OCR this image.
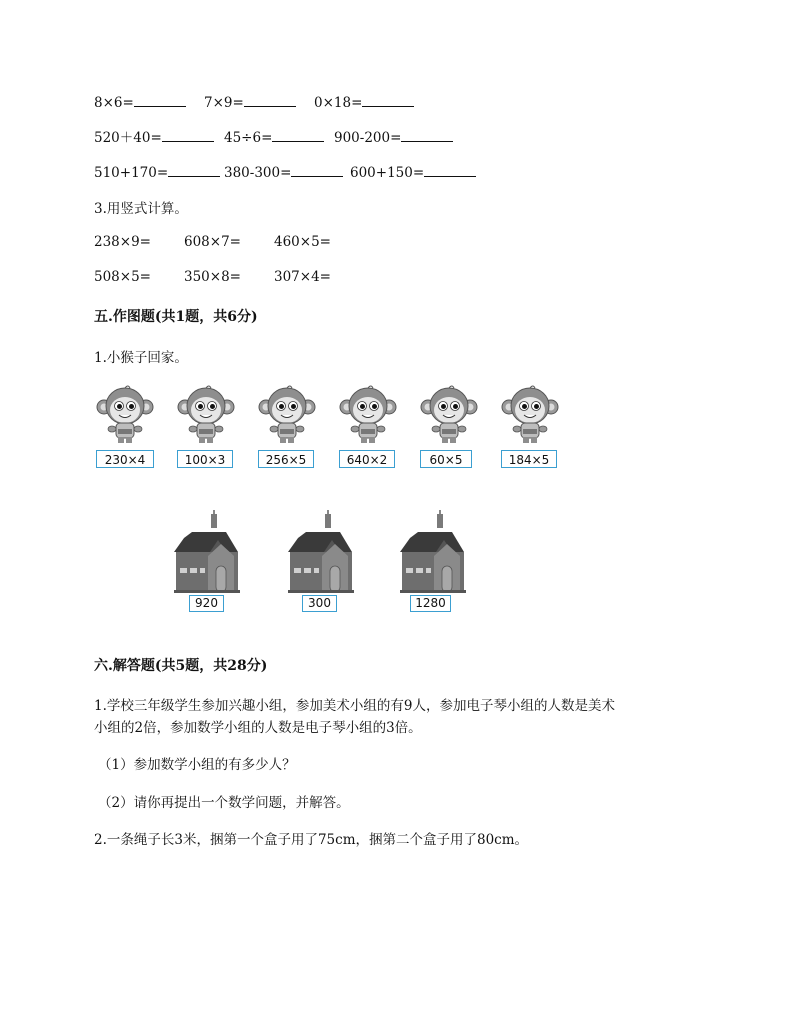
8×6=	7×9=	0×18=
520＋40=	45÷6=	900-200=
510+170=	380-300=	600+150=
3.用竖式计算。
238×9= 608×7= 460×5=
508×5= 350×8= 307×4=
五.作图题(共1题，共6分)
1.小猴子回家。
230×4	100×3	256×5	640×2	60×5	184×5
920	300	1280
六.解答题(共5题，共28分)
1.学校三年级学生参加兴趣小组，参加美术小组的有9人，参加电子琴小组的人数是美术
小组的2倍，参加数学小组的人数是电子琴小组的3倍。
（1）参加数学小组的有多少人？
（2）请你再提出一个数学问题，并解答。
2.一条绳子长3米，捆第一个盒子用了75cm，捆第二个盒子用了80cm。
